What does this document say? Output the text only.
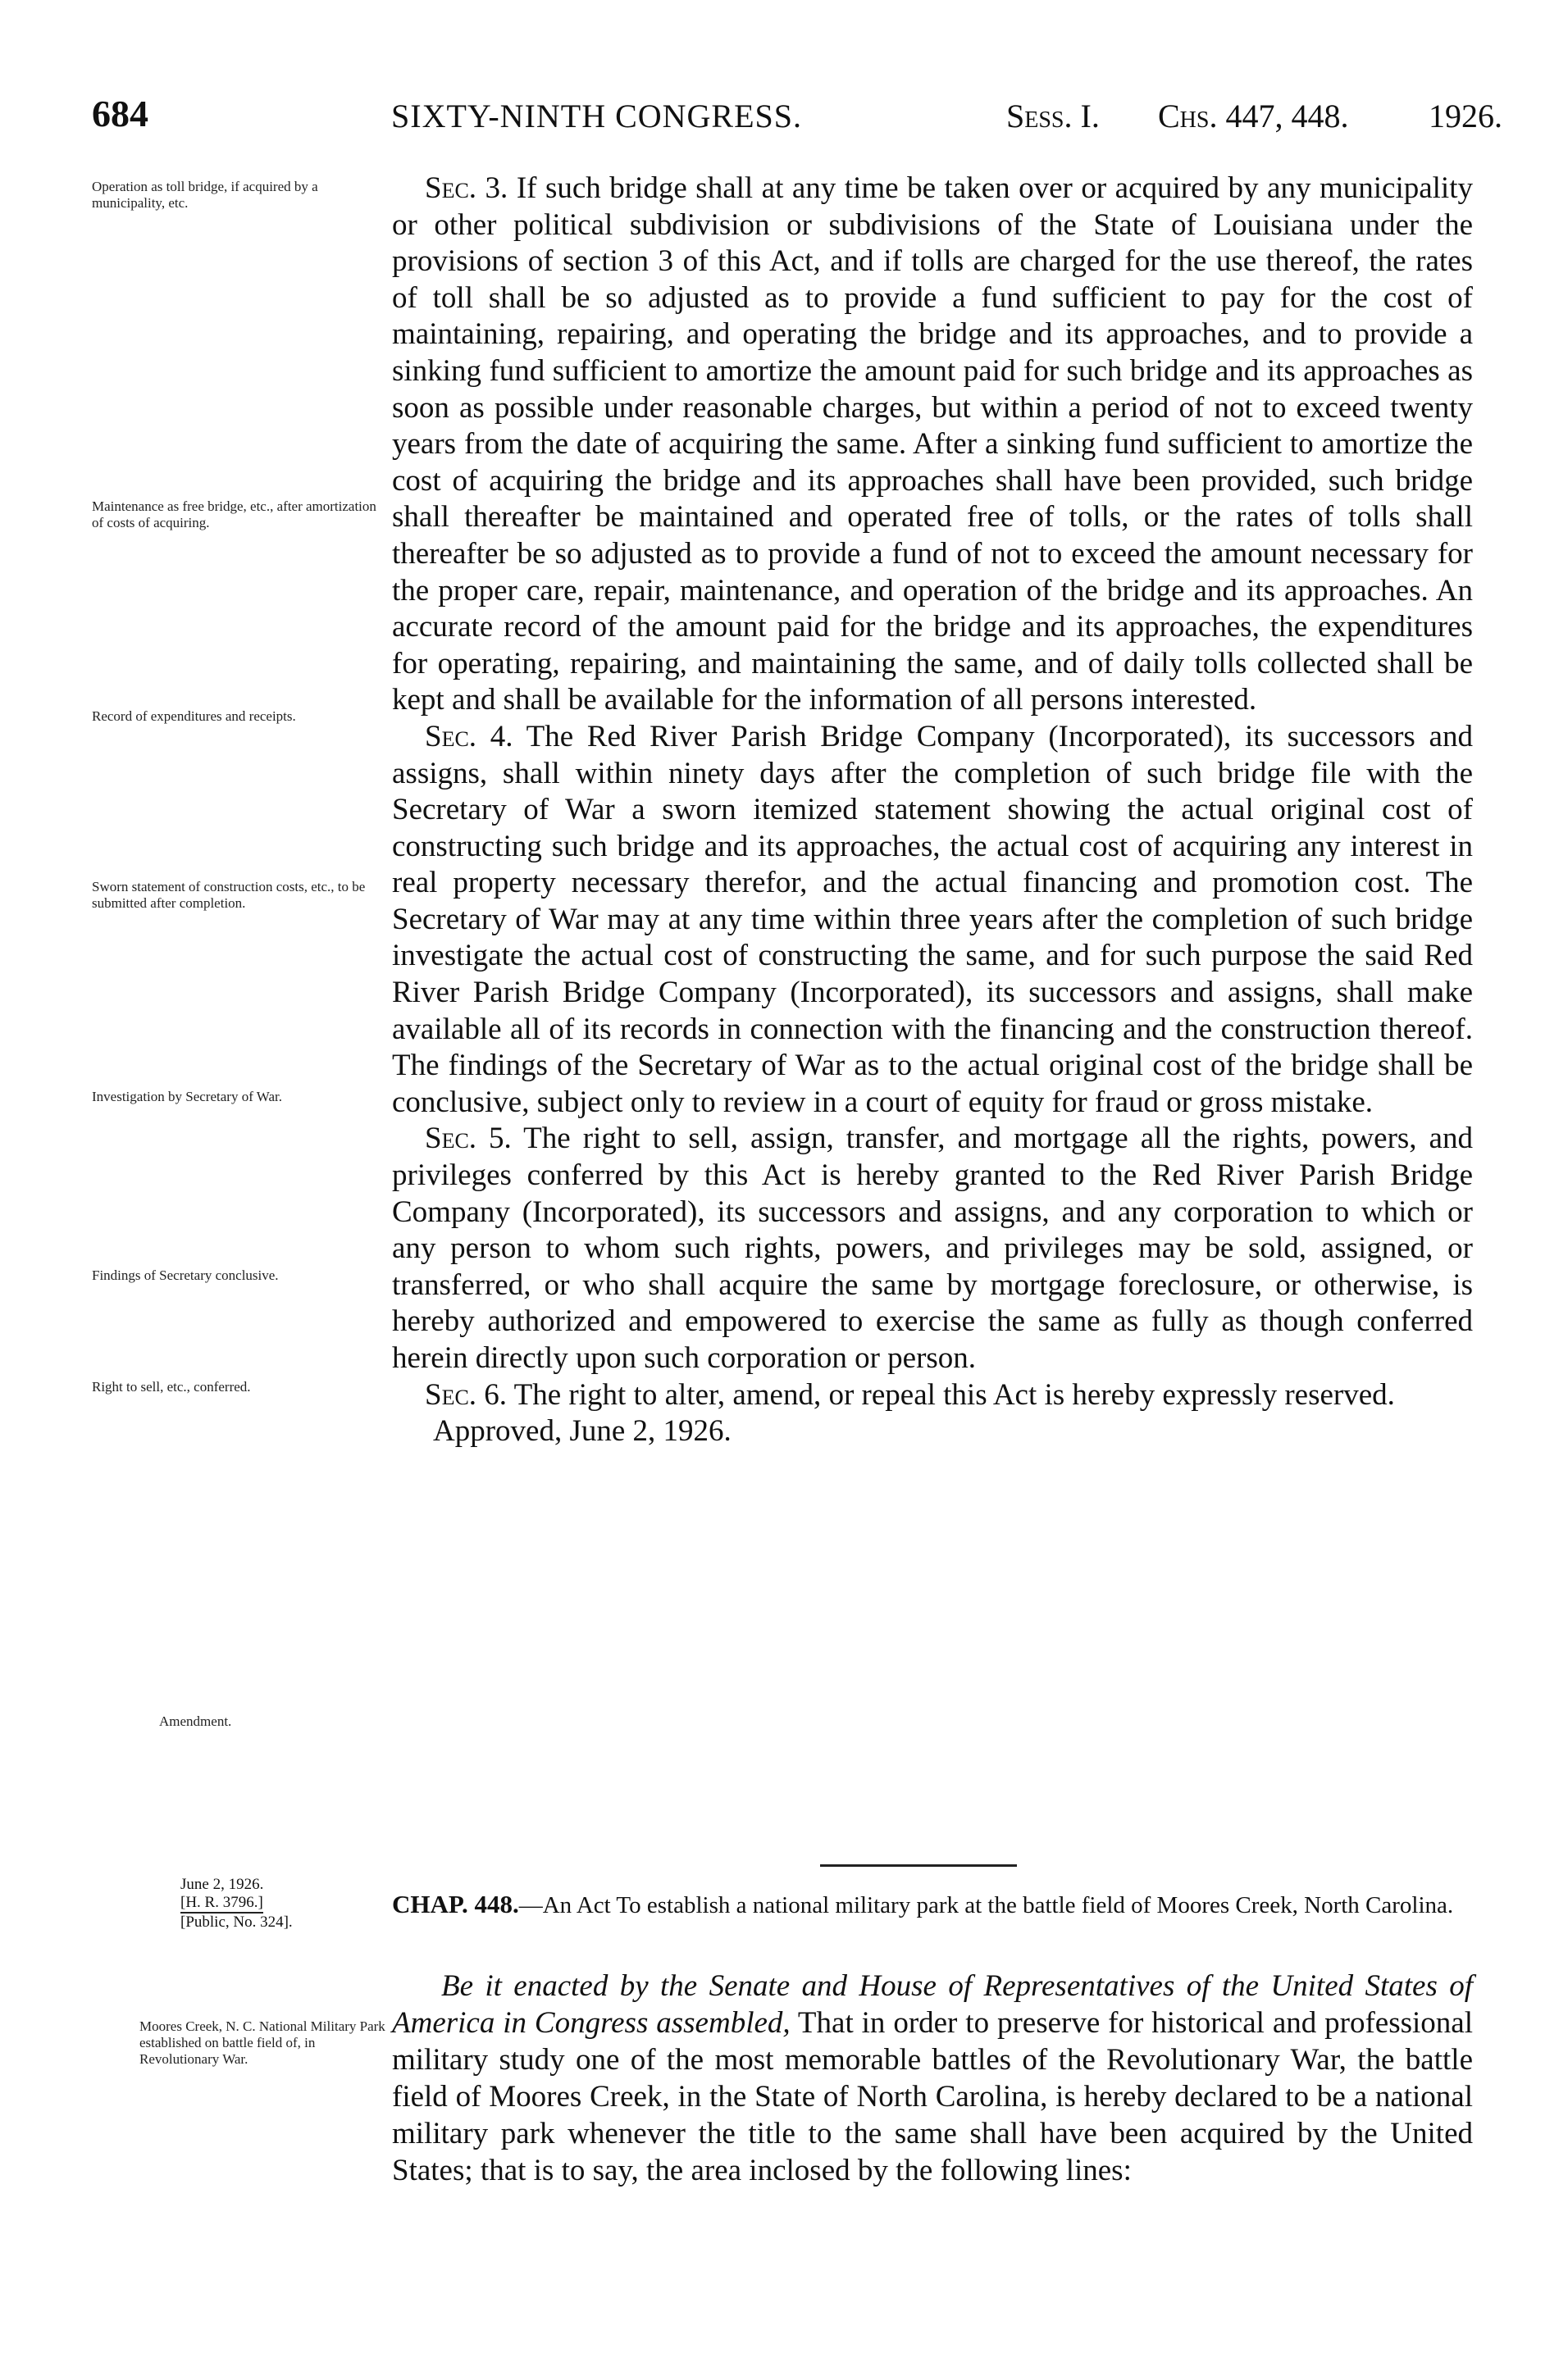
684	SIXTY-NINTH CONGRESS.	Sess. I. Chs. 447, 448. 1926.
Operation as toll bridge, if acquired by a municipality, etc.
Maintenance as free bridge, etc., after amortization of costs of acquiring.
Record of expenditures and receipts.
Sworn statement of construction costs, etc., to be submitted after completion.
Investigation by Secretary of War.
Findings of Secretary conclusive.
Right to sell, etc., conferred.
Amendment.

Sec. 3. If such bridge shall at any time be taken over or acquired by any municipality or other political subdivision or subdivisions of the State of Louisiana under the provisions of section 3 of this Act, and if tolls are charged for the use thereof, the rates of toll shall be so adjusted as to provide a fund sufficient to pay for the cost of maintaining, repairing, and operating the bridge and its approaches, and to provide a sinking fund sufficient to amortize the amount paid for such bridge and its approaches as soon as possible under reasonable charges, but within a period of not to exceed twenty years from the date of acquiring the same. After a sinking fund sufficient to amortize the cost of acquiring the bridge and its approaches shall have been provided, such bridge shall thereafter be maintained and operated free of tolls, or the rates of tolls shall thereafter be so adjusted as to provide a fund of not to exceed the amount necessary for the proper care, repair, maintenance, and operation of the bridge and its approaches. An accurate record of the amount paid for the bridge and its approaches, the expenditures for operating, repairing, and maintaining the same, and of daily tolls collected shall be kept and shall be available for the information of all persons interested.

Sec. 4. The Red River Parish Bridge Company (Incorporated), its successors and assigns, shall within ninety days after the completion of such bridge file with the Secretary of War a sworn itemized statement showing the actual original cost of constructing such bridge and its approaches, the actual cost of acquiring any interest in real property necessary therefor, and the actual financing and promotion cost. The Secretary of War may at any time within three years after the completion of such bridge investigate the actual cost of constructing the same, and for such purpose the said Red River Parish Bridge Company (Incorporated), its successors and assigns, shall make available all of its records in connection with the financing and the construction thereof. The findings of the Secretary of War as to the actual original cost of the bridge shall be conclusive, subject only to review in a court of equity for fraud or gross mistake.

Sec. 5. The right to sell, assign, transfer, and mortgage all the rights, powers, and privileges conferred by this Act is hereby granted to the Red River Parish Bridge Company (Incorporated), its successors and assigns, and any corporation to which or any person to whom such rights, powers, and privileges may be sold, assigned, or transferred, or who shall acquire the same by mortgage foreclosure, or otherwise, is hereby authorized and empowered to exercise the same as fully as though conferred herein directly upon such corporation or person.

Sec. 6. The right to alter, amend, or repeal this Act is hereby expressly reserved.

Approved, June 2, 1926.

June 2, 1926.
[H. R. 3796.]
[Public, No. 324].
CHAP. 448.—An Act To establish a national military park at the battle field of Moores Creek, North Carolina.
Moores Creek, N. C. National Military Park established on battle field of, in Revolutionary War.

Be it enacted by the Senate and House of Representatives of the United States of America in Congress assembled, That in order to preserve for historical and professional military study one of the most memorable battles of the Revolutionary War, the battle field of Moores Creek, in the State of North Carolina, is hereby declared to be a national military park whenever the title to the same shall have been acquired by the United States; that is to say, the area inclosed by the following lines:
